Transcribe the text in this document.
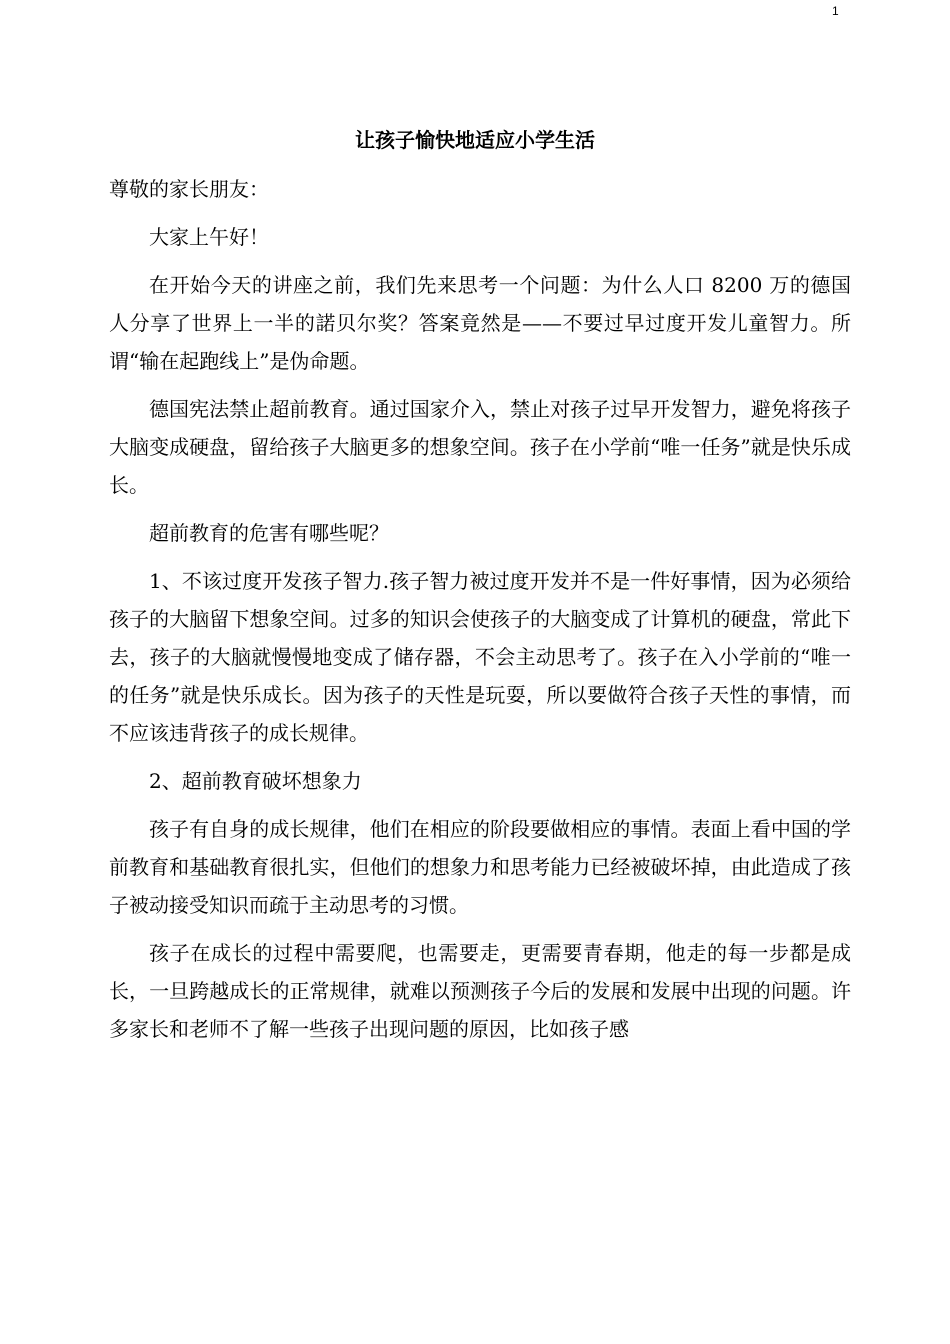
1
让孩子愉快地适应小学生活

尊敬的家长朋友：

大家上午好！

在开始今天的讲座之前，我们先来思考一个问题：为什么人口 8200 万的德国人分享了世界上一半的諾贝尔奖？答案竟然是——不要过早过度开发儿童智力。所谓“输在起跑线上”是伪命题。

德国宪法禁止超前教育。通过国家介入，禁止对孩子过早开发智力，避免将孩子大脑变成硬盘，留给孩子大脑更多的想象空间。孩子在小学前“唯一任务”就是快乐成长。

超前教育的危害有哪些呢？

1、不该过度开发孩子智力.孩子智力被过度开发并不是一件好事情，因为必须给孩子的大脑留下想象空间。过多的知识会使孩子的大脑变成了计算机的硬盘，常此下去，孩子的大脑就慢慢地变成了储存器，不会主动思考了。孩子在入小学前的“唯一的任务”就是快乐成长。因为孩子的天性是玩耍，所以要做符合孩子天性的事情，而不应该违背孩子的成长规律。

2、超前教育破坏想象力

孩子有自身的成长规律，他们在相应的阶段要做相应的事情。表面上看中国的学前教育和基础教育很扎实，但他们的想象力和思考能力已经被破坏掉，由此造成了孩子被动接受知识而疏于主动思考的习惯。

孩子在成长的过程中需要爬，也需要走，更需要青春期，他走的每一步都是成长，一旦跨越成长的正常规律，就难以预测孩子今后的发展和发展中出现的问题。许多家长和老师不了解一些孩子出现问题的原因，比如孩子感
